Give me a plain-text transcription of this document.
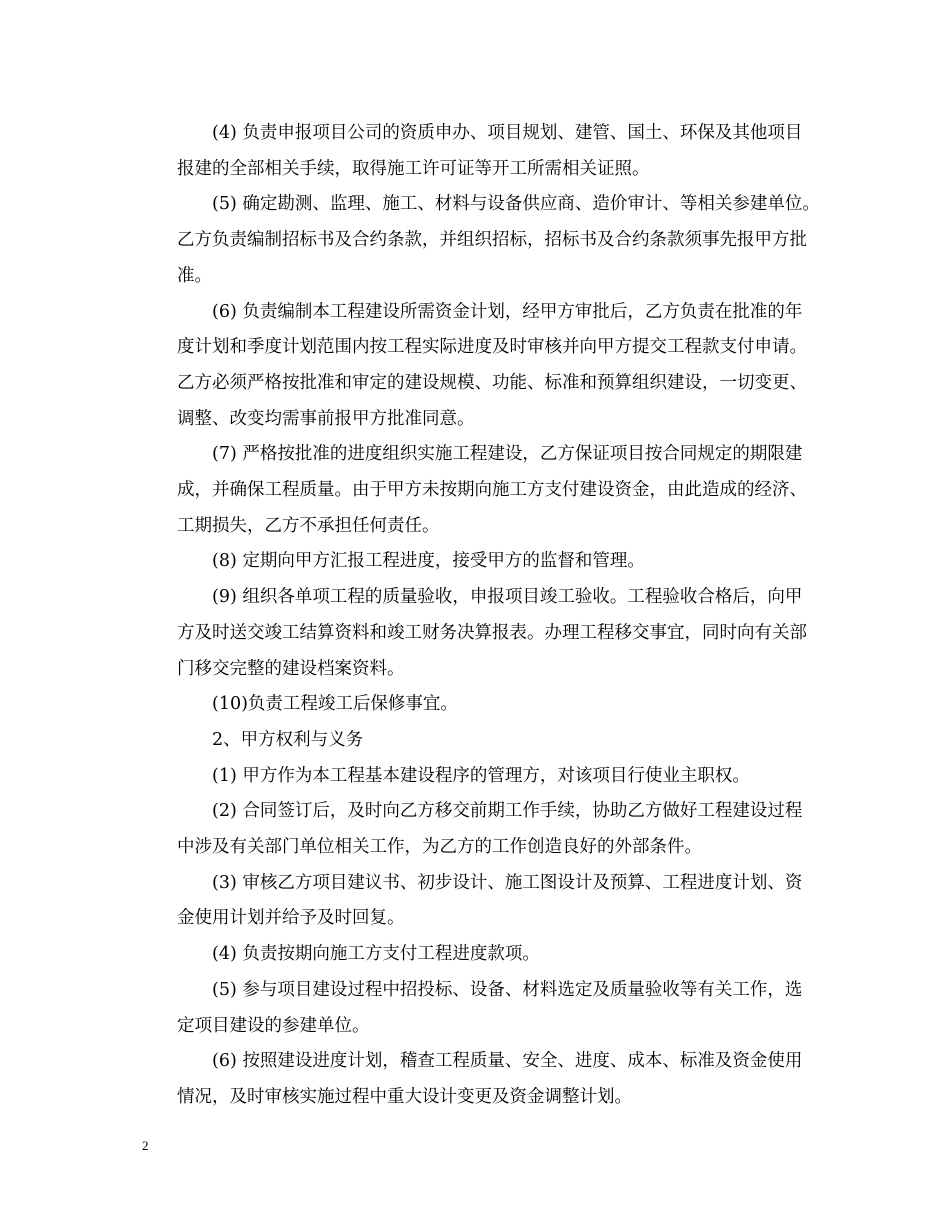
(4) 负责申报项目公司的资质申办、项目规划、建管、国土、环保及其他项目
报建的全部相关手续，取得施工许可证等开工所需相关证照。
(5) 确定勘测、监理、施工、材料与设备供应商、造价审计、等相关参建单位。
乙方负责编制招标书及合约条款，并组织招标，招标书及合约条款须事先报甲方批
准。
(6) 负责编制本工程建设所需资金计划，经甲方审批后，乙方负责在批准的年
度计划和季度计划范围内按工程实际进度及时审核并向甲方提交工程款支付申请。
乙方必须严格按批准和审定的建设规模、功能、标准和预算组织建设，一切变更、
调整、改变均需事前报甲方批准同意。
(7) 严格按批准的进度组织实施工程建设，乙方保证项目按合同规定的期限建
成，并确保工程质量。由于甲方未按期向施工方支付建设资金，由此造成的经济、
工期损失，乙方不承担任何责任。
(8) 定期向甲方汇报工程进度，接受甲方的监督和管理。
(9) 组织各单项工程的质量验收，申报项目竣工验收。工程验收合格后，向甲
方及时送交竣工结算资料和竣工财务决算报表。办理工程移交事宜，同时向有关部
门移交完整的建设档案资料。
(10)负责工程竣工后保修事宜。
2、甲方权利与义务
(1) 甲方作为本工程基本建设程序的管理方，对该项目行使业主职权。
(2) 合同签订后，及时向乙方移交前期工作手续，协助乙方做好工程建设过程
中涉及有关部门单位相关工作，为乙方的工作创造良好的外部条件。
(3) 审核乙方项目建议书、初步设计、施工图设计及预算、工程进度计划、资
金使用计划并给予及时回复。
(4) 负责按期向施工方支付工程进度款项。
(5) 参与项目建设过程中招投标、设备、材料选定及质量验收等有关工作，选
定项目建设的参建单位。
(6) 按照建设进度计划，稽查工程质量、安全、进度、成本、标准及资金使用
情况，及时审核实施过程中重大设计变更及资金调整计划。
2
